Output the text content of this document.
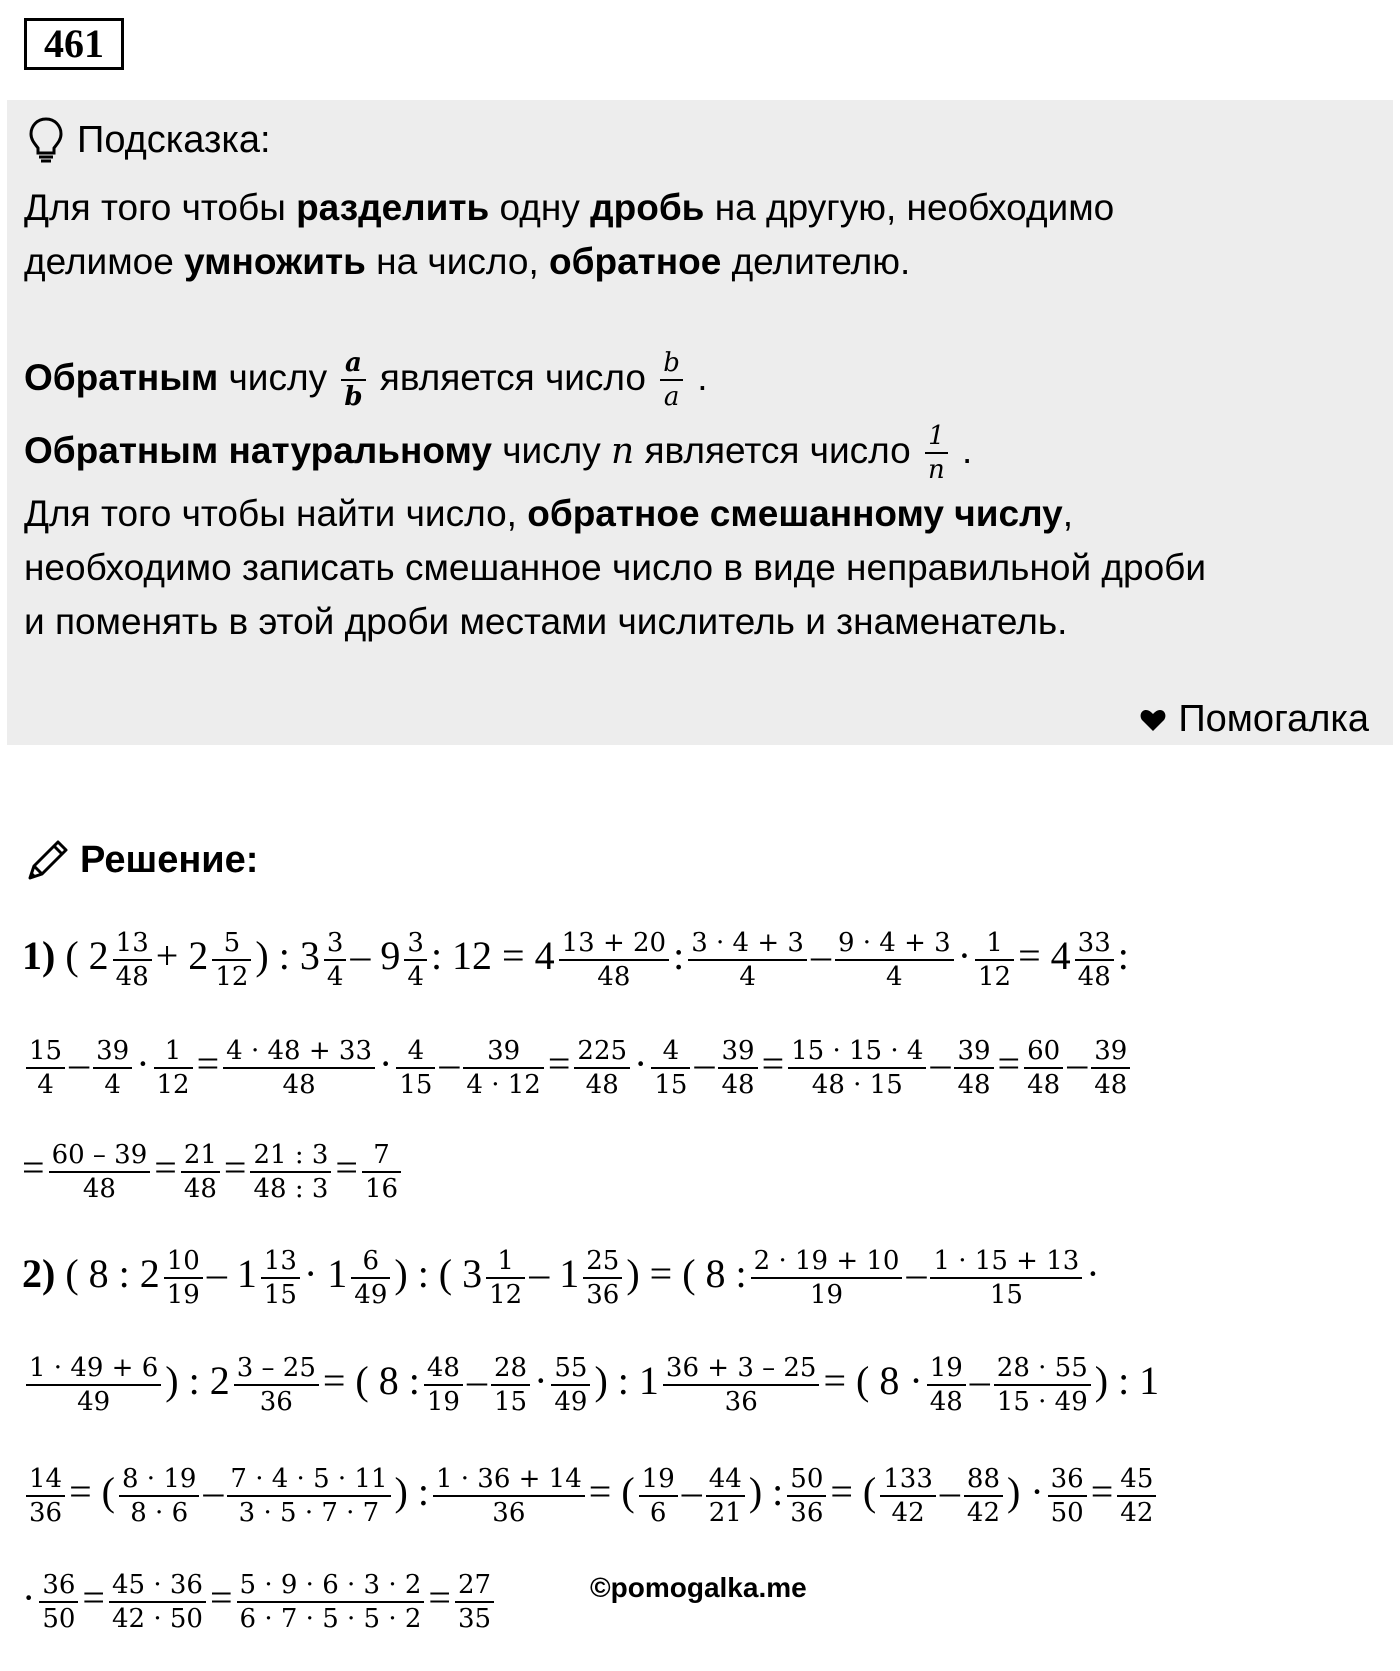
461
Подсказка:
Для того чтобы разделить одну дробь на другую, необходимо
делимое умножить на число, обратное делителю.
Обратным числу $\frac{a}{b}$ является число $\frac{b}{a}$ .
Обратным натуральному числу n является число $\frac{1}{n}$ .
Для того чтобы найти число, обратное смешанному числу,
необходимо записать смешанное число в виде неправильной дроби
и поменять в этой дроби местами числитель и знаменатель.
Помогалка
Решение:
1) ( $2 \frac{13}{48} + 2 \frac{5}{12}$ ) : $3 \frac{3}{4} - 9 \frac{3}{4}$ : $12 = 4 \frac{13 + 20}{48}$ : $\frac{3 \cdot 4 + 3}{4} - \frac{9 \cdot 4 + 3}{4} \cdot \frac{1}{12} = 4 \frac{33}{48}$ :
$\frac{15}{4} - \frac{39}{4} \cdot \frac{1}{12} = \frac{4 \cdot 48 + 33}{48} \cdot \frac{4}{15} - \frac{39}{4 \cdot 12} = \frac{225}{48} \cdot \frac{4}{15} - \frac{39}{48} = \frac{15 \cdot 15 \cdot 4}{48 \cdot 15} - \frac{39}{48} = \frac{60}{48} - \frac{39}{48}$
= $\frac{60 - 39}{48} = \frac{21}{48} = \frac{21 : 3}{48 : 3} = \frac{7}{16}$
2) ( 8 : $2 \frac{10}{19} - 1 \frac{13}{15} \cdot 1 \frac{6}{49}$ ) : ( $3 \frac{1}{12} - 1 \frac{25}{36}$ ) = ( 8 : $\frac{2 \cdot 19 + 10}{19} - \frac{1 \cdot 15 + 13}{15}$ ·
$\frac{1 \cdot 49 + 6}{49}$ ) : $2 \frac{3 - 25}{36}$ = ( 8 : $\frac{48}{19} - \frac{28}{15} \cdot \frac{55}{49}$ ) : $1 \frac{36 + 3 - 25}{36}$ = ( $8 \cdot \frac{19}{48} - \frac{28 \cdot 55}{15 \cdot 49}$ ) : 1
$\frac{14}{36}$ = ( $\frac{8 \cdot 19}{8 \cdot 6} - \frac{7 \cdot 4 \cdot 5 \cdot 11}{3 \cdot 5 \cdot 7 \cdot 7}$ ) : $\frac{1 \cdot 36 + 14}{36}$ = ( $\frac{19}{6} - \frac{44}{21}$ ) : $\frac{50}{36}$ = ( $\frac{133}{42} - \frac{88}{42}$ ) · $\frac{36}{50} = \frac{45}{42}$
· $\frac{36}{50} = \frac{45 \cdot 36}{42 \cdot 50} = \frac{5 \cdot 9 \cdot 6 \cdot 3 \cdot 2}{6 \cdot 7 \cdot 5 \cdot 5 \cdot 2} = \frac{27}{35}$	©pomogalka.me
